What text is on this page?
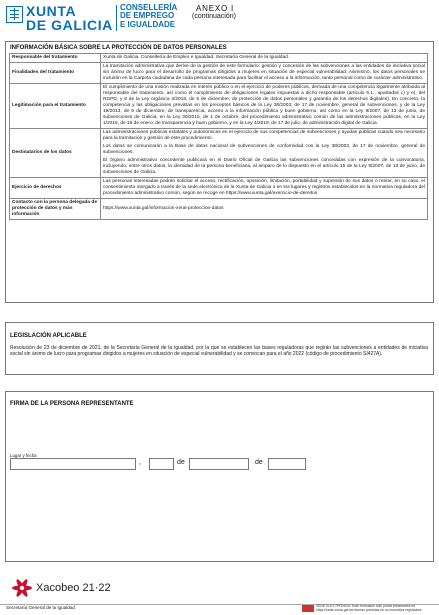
XUNTA
DE GALICIA
CONSELLERÍA
DE EMPREGO
E IGUALDADE
ANEXO I
(continuación)
INFORMACIÓN BÁSICA SOBRE LA PROTECCIÓN DE DATOS PERSONALES
Responsable del tratamiento	Xunta de Galicia. Consellería de Empleo e Igualdad. Secretaría General de la Igualdad.

Finalidades del tratamiento	La tramitación administrativa que derive de la gestión de este formulario: gestión y concesión de las subvenciones a las entidades de iniciativa social sin ánimo de lucro para el desarrollo de programas dirigidos a mujeres en situación de especial vulnerabilidad. Asimismo, los datos personales se incluirán en la Carpeta ciudadana de cada persona interesada para facilitar el acceso a la información, tanto personal como de carácter administrativo.

Legitimación para el tratamiento	El cumplimiento de una misión realizada en interés público o en el ejercicio de poderes públicos, derivada de una competencia legalmente atribuida al responsable del tratamiento, así como el cumplimiento de obligaciones legales impuestas a dicho responsable (artículo 6.1., apartados c) y e), del RGPD, y 8 de la Ley orgánica 3/2018, de 5 de diciembre, de protección de datos personales y garantía de los derechos digitales). En concreto, la competencia y las obligaciones previstas en los preceptos básicos de la Ley 38/2003, de 17 de noviembre, general de subvenciones, y de la Ley 19/2013, de 9 de diciembre, de transparencia, acceso a la información pública y buen gobierno, así como en la Ley 9/2007, de 13 de junio, de subvenciones de Galicia, en la Ley 39/2015, de 1 de octubre, del procedimiento administrativo común de las administraciones públicas, en la Ley 1/2016, de 18 de enero, de transparencia y buen gobierno, y en la Ley 4/2019, de 17 de julio, de administración digital de Galicia.

Destinatarios de los datos	Las administraciones públicas estatales y autonómicas en el ejercicio de sus competencias de subvenciones y ayudas públicas cuando sea necesario para la tramitación y gestión de este procedimiento.

Los datos se comunicarán a la Base de datos nacional de subvenciones de conformidad con la Ley 38/2003, de 17 de noviembre, general de subvenciones.

El órgano administrativo concedente publicará en el Diario Oficial de Galicia las subvenciones concedidas con expresión de la convocatoria, incluyendo, entre otros datos, la identidad de la persona beneficiaria, al amparo de lo dispuesto en el artículo 15 de la Ley 9/2007, de 13 de junio, de subvenciones de Galicia.

Ejercicio de derechos	Las personas interesadas podrán solicitar el acceso, rectificación, oposición, limitación, portabilidad y supresión de sus datos o retirar, en su caso, el consentimiento otorgado a través de la sede electrónica de la Xunta de Galicia o en los lugares y registros establecidos en la normativa reguladora del procedimiento administrativo común, según se recoge en https://www.xunta.gal/exercicio-de-dereitos

Contacto con la persona delegada de protección de datos y más información	https://www.xunta.gal/informacion-xeral-proteccion-datos

LEGISLACIÓN APLICABLE
Resolución de 23 de diciembre de 2021, de la Secretaría General de la Igualdad, por la que se establecen las bases reguladoras que regirán las subvenciones a entidades de iniciativa social sin ánimo de lucro para programas dirigidos a mujeres en situación de especial vulnerabilidad y se convocan para el año 2022 (código de procedimiento SI427A).
FIRMA DE LA PERSONA REPRESENTANTE
Lugar y fecha
,	de	de
Xacobeo 21·22
Secretaría General de la Igualdad	SEDE ELECTRÓNICA: Este formulario sólo podrá presentarse en
https://sede.xunta.gal las formas previstas en su normativa reguladora
